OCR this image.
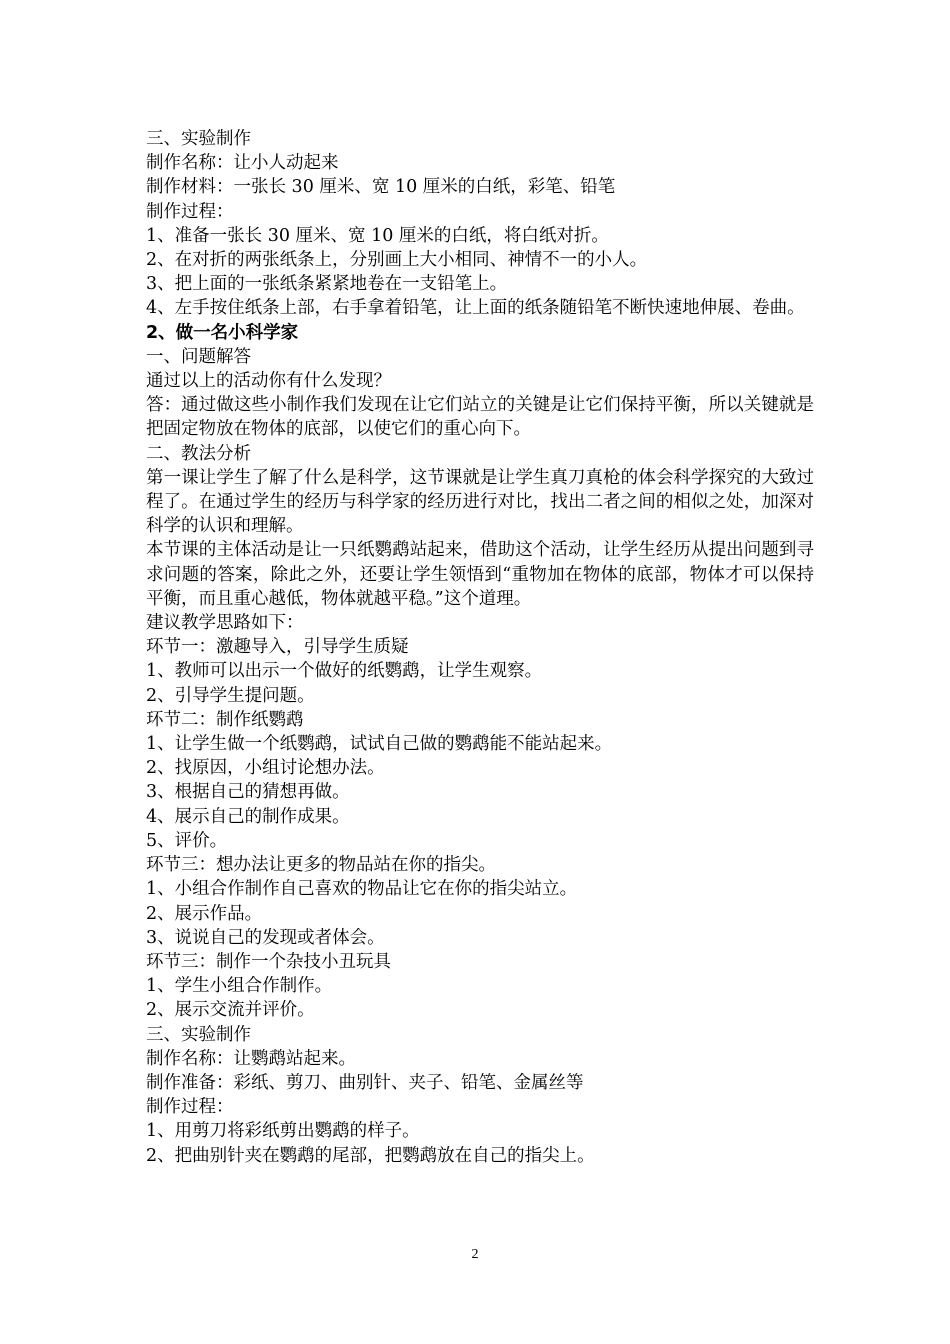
三、实验制作

制作名称：让小人动起来

制作材料：一张长 30 厘米、宽 10 厘米的白纸，彩笔、铅笔

制作过程：

1、准备一张长 30 厘米、宽 10 厘米的白纸，将白纸对折。

2、在对折的两张纸条上，分别画上大小相同、神情不一的小人。

3、把上面的一张纸条紧紧地卷在一支铅笔上。

4、左手按住纸条上部，右手拿着铅笔，让上面的纸条随铅笔不断快速地伸展、卷曲。

2、做一名小科学家

一、问题解答

通过以上的活动你有什么发现？

答：通过做这些小制作我们发现在让它们站立的关键是让它们保持平衡，所以关键就是把固定物放在物体的底部，以使它们的重心向下。

二、教法分析

第一课让学生了解了什么是科学，这节课就是让学生真刀真枪的体会科学探究的大致过程了。在通过学生的经历与科学家的经历进行对比，找出二者之间的相似之处，加深对科学的认识和理解。

本节课的主体活动是让一只纸鹦鹉站起来，借助这个活动，让学生经历从提出问题到寻求问题的答案，除此之外，还要让学生领悟到“重物加在物体的底部，物体才可以保持平衡，而且重心越低，物体就越平稳。”这个道理。

建议教学思路如下：

环节一：激趣导入，引导学生质疑

1、教师可以出示一个做好的纸鹦鹉，让学生观察。

2、引导学生提问题。

环节二：制作纸鹦鹉

1、让学生做一个纸鹦鹉，试试自己做的鹦鹉能不能站起来。

2、找原因，小组讨论想办法。

3、根据自己的猜想再做。

4、展示自己的制作成果。

5、评价。

环节三：想办法让更多的物品站在你的指尖。

1、小组合作制作自己喜欢的物品让它在你的指尖站立。

2、展示作品。

3、说说自己的发现或者体会。

环节三：制作一个杂技小丑玩具

1、学生小组合作制作。

2、展示交流并评价。

三、实验制作

制作名称：让鹦鹉站起来。

制作准备：彩纸、剪刀、曲别针、夹子、铅笔、金属丝等

制作过程：

1、用剪刀将彩纸剪出鹦鹉的样子。

2、把曲别针夹在鹦鹉的尾部，把鹦鹉放在自己的指尖上。

2
